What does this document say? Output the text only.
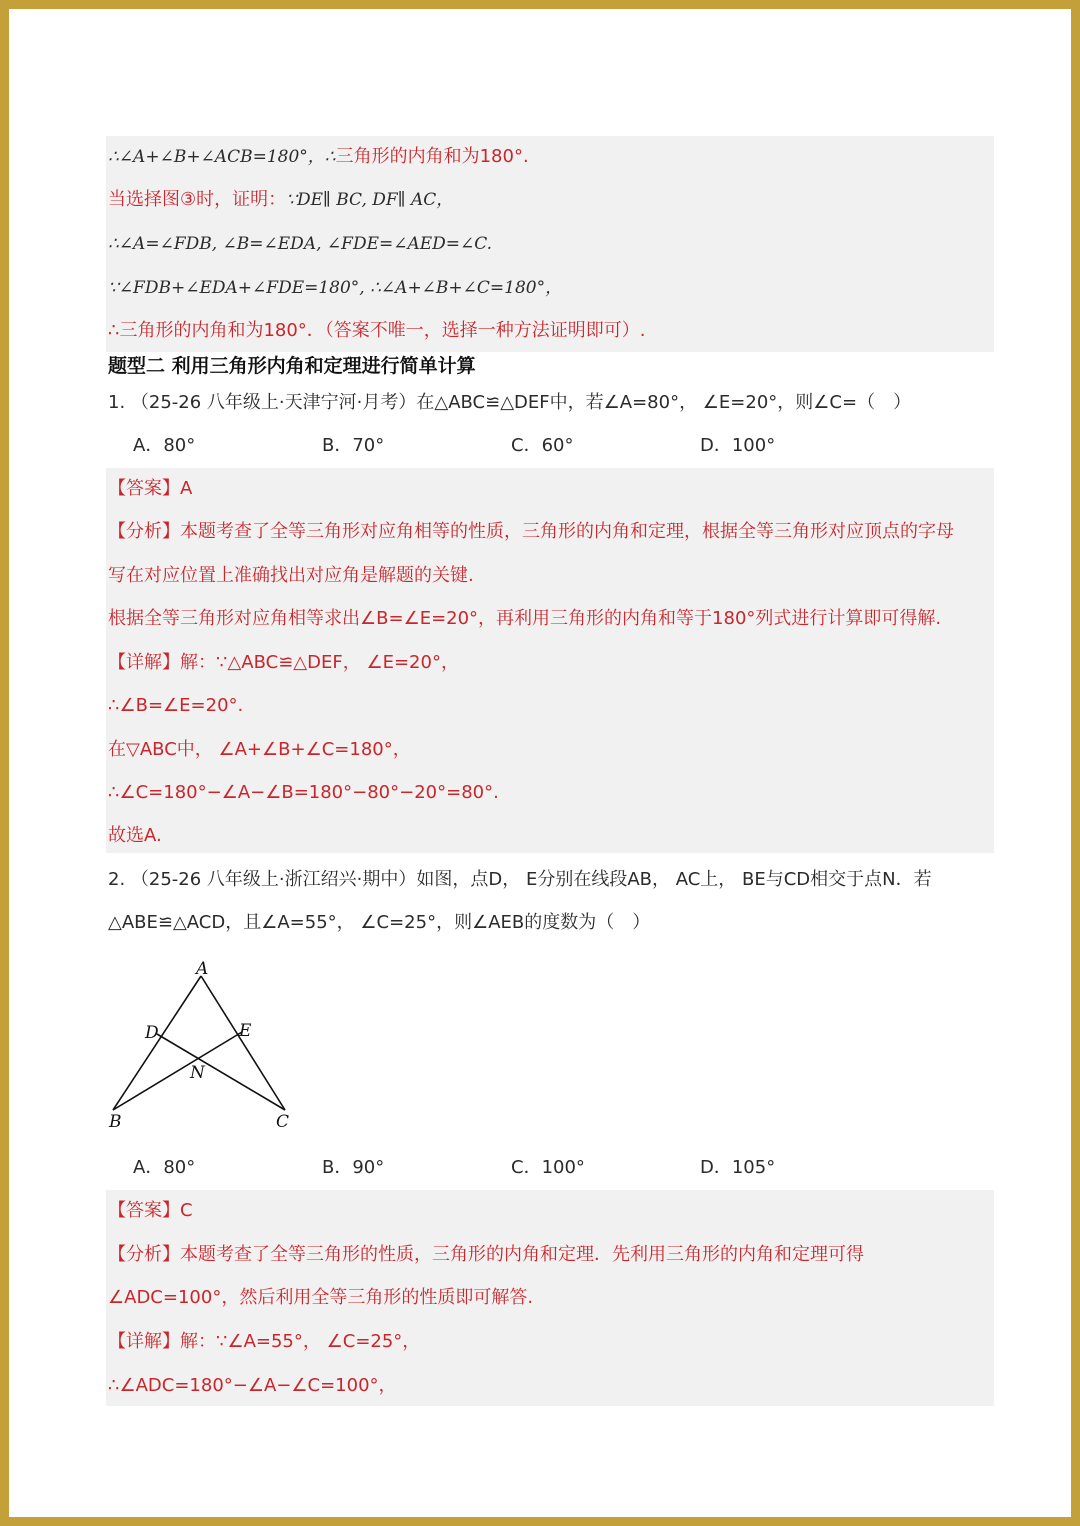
∴∠A+∠B+∠ACB=180°，∴三角形的内角和为180°.
当选择图③时，证明：∵DE∥ BC, DF∥ AC，
∴∠A=∠FDB, ∠B=∠EDA, ∠FDE=∠AED=∠C.
∵∠FDB+∠EDA+∠FDE=180°, ∴∠A+∠B+∠C=180°，
∴三角形的内角和为180°．（答案不唯一，选择一种方法证明即可）.
题型二 利用三角形内角和定理进行简单计算
1. （25-26 八年级上·天津宁河·月考）在△ABC≌△DEF中，若∠A=80°， ∠E=20°，则∠C=（　）
A．80°	B．70°	C．60°	D．100°
【答案】A
【分析】本题考查了全等三角形对应角相等的性质，三角形的内角和定理，根据全等三角形对应顶点的字母
写在对应位置上准确找出对应角是解题的关键.
根据全等三角形对应角相等求出∠B=∠E=20°，再利用三角形的内角和等于180°列式进行计算即可得解.
【详解】解：∵△ABC≌△DEF， ∠E=20°，
∴∠B=∠E=20°.
在▽ABC中， ∠A+∠B+∠C=180°，
∴∠C=180°−∠A−∠B=180°−80°−20°=80°.
故选A.
2. （25-26 八年级上·浙江绍兴·期中）如图，点D， E分别在线段AB， AC上， BE与CD相交于点N．若
△ABE≌△ACD，且∠A=55°， ∠C=25°，则∠AEB的度数为（　）
A
D	E
N
B	C
A．80°	B．90°	C．100°	D．105°
【答案】C
【分析】本题考查了全等三角形的性质，三角形的内角和定理．先利用三角形的内角和定理可得
∠ADC=100°，然后利用全等三角形的性质即可解答.
【详解】解：∵∠A=55°， ∠C=25°，
∴∠ADC=180°−∠A−∠C=100°，
